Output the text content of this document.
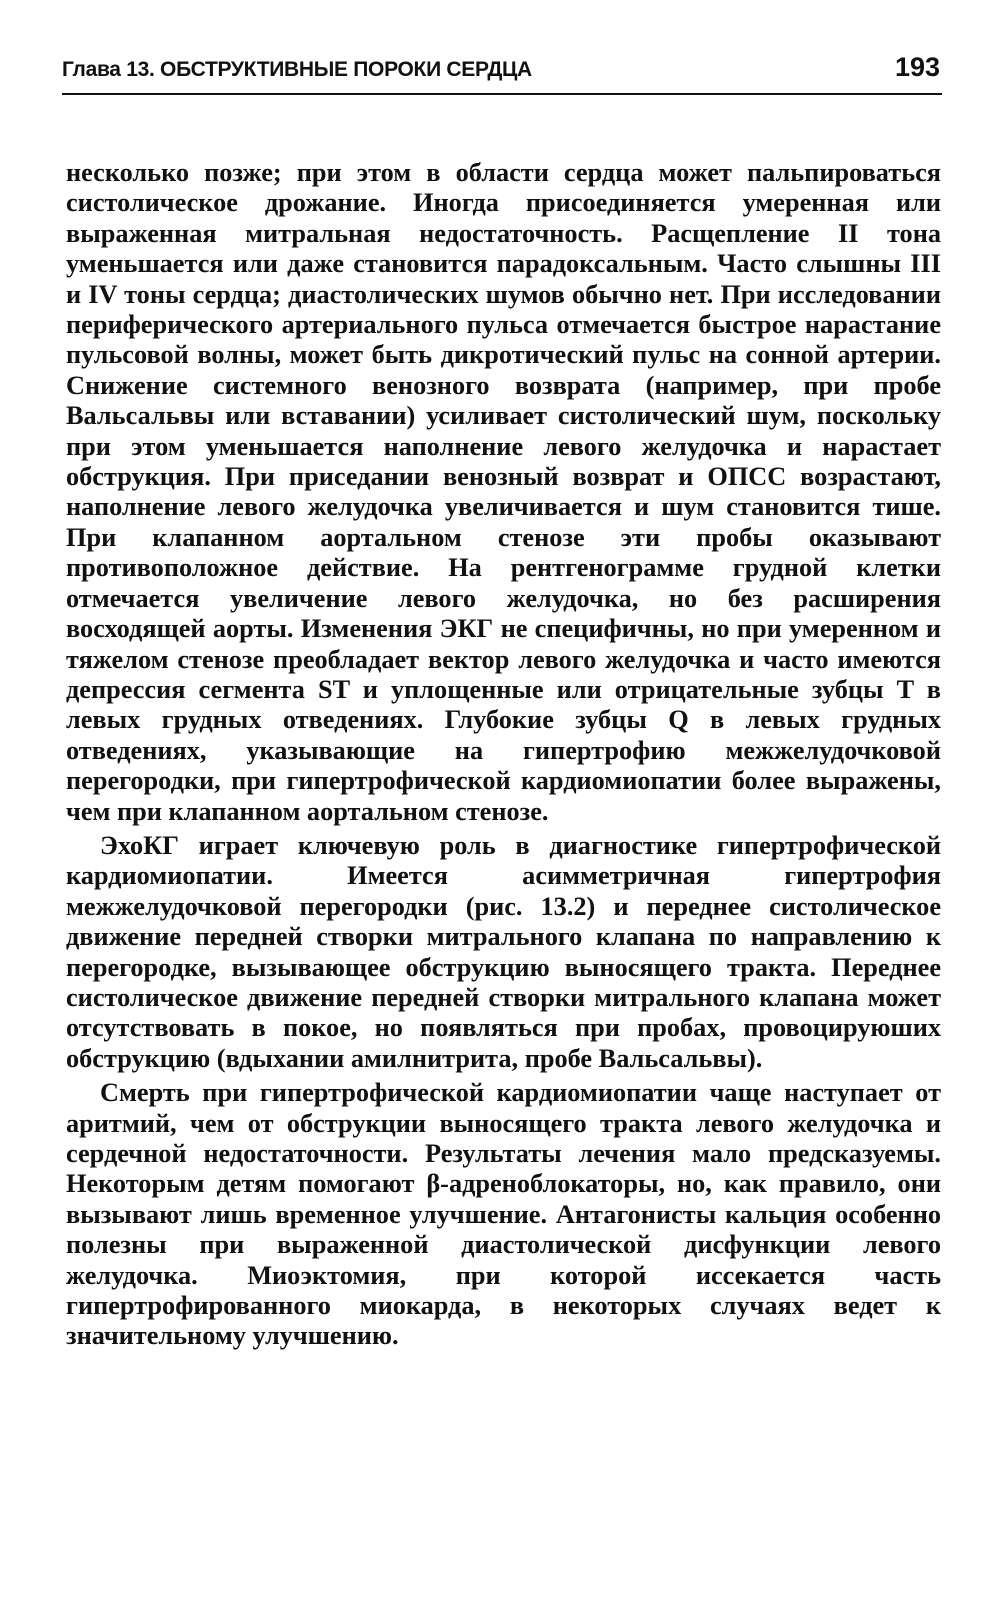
Глава 13. ОБСТРУКТИВНЫЕ ПОРОКИ СЕРДЦА	193

несколько позже; при этом в области сердца может пальпироваться систолическое дрожание. Иногда присоединяется умеренная или выраженная митральная недостаточность. Расщепление II тона уменьшается или даже становится парадоксальным. Часто слышны III и IV тоны сердца; диастолических шумов обычно нет. При исследовании периферического артериального пульса отмечается быстрое нарастание пульсовой волны, может быть дикротический пульс на сонной артерии. Снижение системного венозного возврата (например, при пробе Вальсальвы или вставании) усиливает систолический шум, поскольку при этом уменьшается наполнение левого желудочка и нарастает обструкция. При приседании венозный возврат и ОПСС возрастают, наполнение левого желудочка увеличивается и шум становится тише. При клапанном аортальном стенозе эти пробы оказывают противоположное действие. На рентгенограмме грудной клетки отмечается увеличение левого желудочка, но без расширения восходящей аорты. Изменения ЭКГ не специфичны, но при умеренном и тяжелом стенозе преобладает вектор левого желудочка и часто имеются депрессия сегмента ST и уплощенные или отрицательные зубцы T в левых грудных отведениях. Глубокие зубцы Q в левых грудных отведениях, указывающие на гипертрофию межжелудочковой перегородки, при гипертрофической кардиомиопатии более выражены, чем при клапанном аортальном стенозе.

ЭхоКГ играет ключевую роль в диагностике гипертрофической кардиомиопатии. Имеется асимметричная гипертрофия межжелудочковой перегородки (рис. 13.2) и переднее систолическое движение передней створки митрального клапана по направлению к перегородке, вызывающее обструкцию выносящего тракта. Переднее систолическое движение передней створки митрального клапана может отсутствовать в покое, но появляться при пробах, провоцируюших обструкцию (вдыхании амилнитрита, пробе Вальсальвы).

Смерть при гипертрофической кардиомиопатии чаще наступает от аритмий, чем от обструкции выносящего тракта левого желудочка и сердечной недостаточности. Результаты лечения мало предсказуемы. Некоторым детям помогают β-адреноблокаторы, но, как правило, они вызывают лишь временное улучшение. Антагонисты кальция особенно полезны при выраженной диастолической дисфункции левого желудочка. Миоэктомия, при которой иссекается часть гипертрофированного миокарда, в некоторых случаях ведет к значительному улучшению.
